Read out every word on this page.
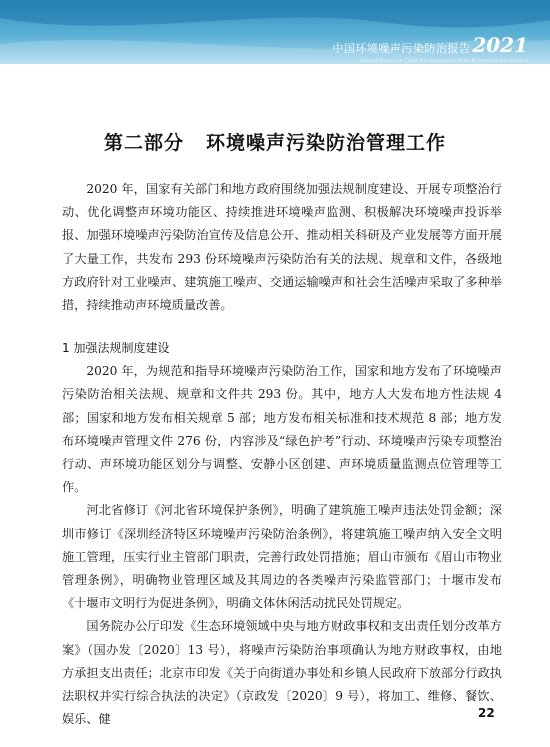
中国环境噪声污染防治报告 2021
Annual Report on China Environmental Noise Prevention and Control
第二部分 环境噪声污染防治管理工作

2020 年，国家有关部门和地方政府围绕加强法规制度建设、开展专项整治行动、优化调整声环境功能区、持续推进环境噪声监测、积极解决环境噪声投诉举报、加强环境噪声污染防治宣传及信息公开、推动相关科研及产业发展等方面开展了大量工作，共发布 293 份环境噪声污染防治有关的法规、规章和文件，各级地方政府针对工业噪声、建筑施工噪声、交通运输噪声和社会生活噪声采取了多种举措，持续推动声环境质量改善。

1 加强法规制度建设

2020 年，为规范和指导环境噪声污染防治工作，国家和地方发布了环境噪声污染防治相关法规、规章和文件共 293 份。其中，地方人大发布地方性法规 4 部；国家和地方发布相关规章 5 部；地方发布相关标准和技术规范 8 部；地方发布环境噪声管理文件 276 份，内容涉及“绿色护考”行动、环境噪声污染专项整治行动、声环境功能区划分与调整、安静小区创建、声环境质量监测点位管理等工作。

河北省修订《河北省环境保护条例》，明确了建筑施工噪声违法处罚金额；深圳市修订《深圳经济特区环境噪声污染防治条例》，将建筑施工噪声纳入安全文明施工管理，压实行业主管部门职责，完善行政处罚措施；眉山市颁布《眉山市物业管理条例》，明确物业管理区域及其周边的各类噪声污染监管部门；十堰市发布《十堰市文明行为促进条例》，明确文体休闲活动扰民处罚规定。

国务院办公厅印发《生态环境领域中央与地方财政事权和支出责任划分改革方案》（国办发〔2020〕13 号），将噪声污染防治事项确认为地方财政事权，由地方承担支出责任；北京市印发《关于向街道办事处和乡镇人民政府下放部分行政执法职权并实行综合执法的决定》（京政发〔2020〕9 号），将加工、维修、餐饮、娱乐、健	22
